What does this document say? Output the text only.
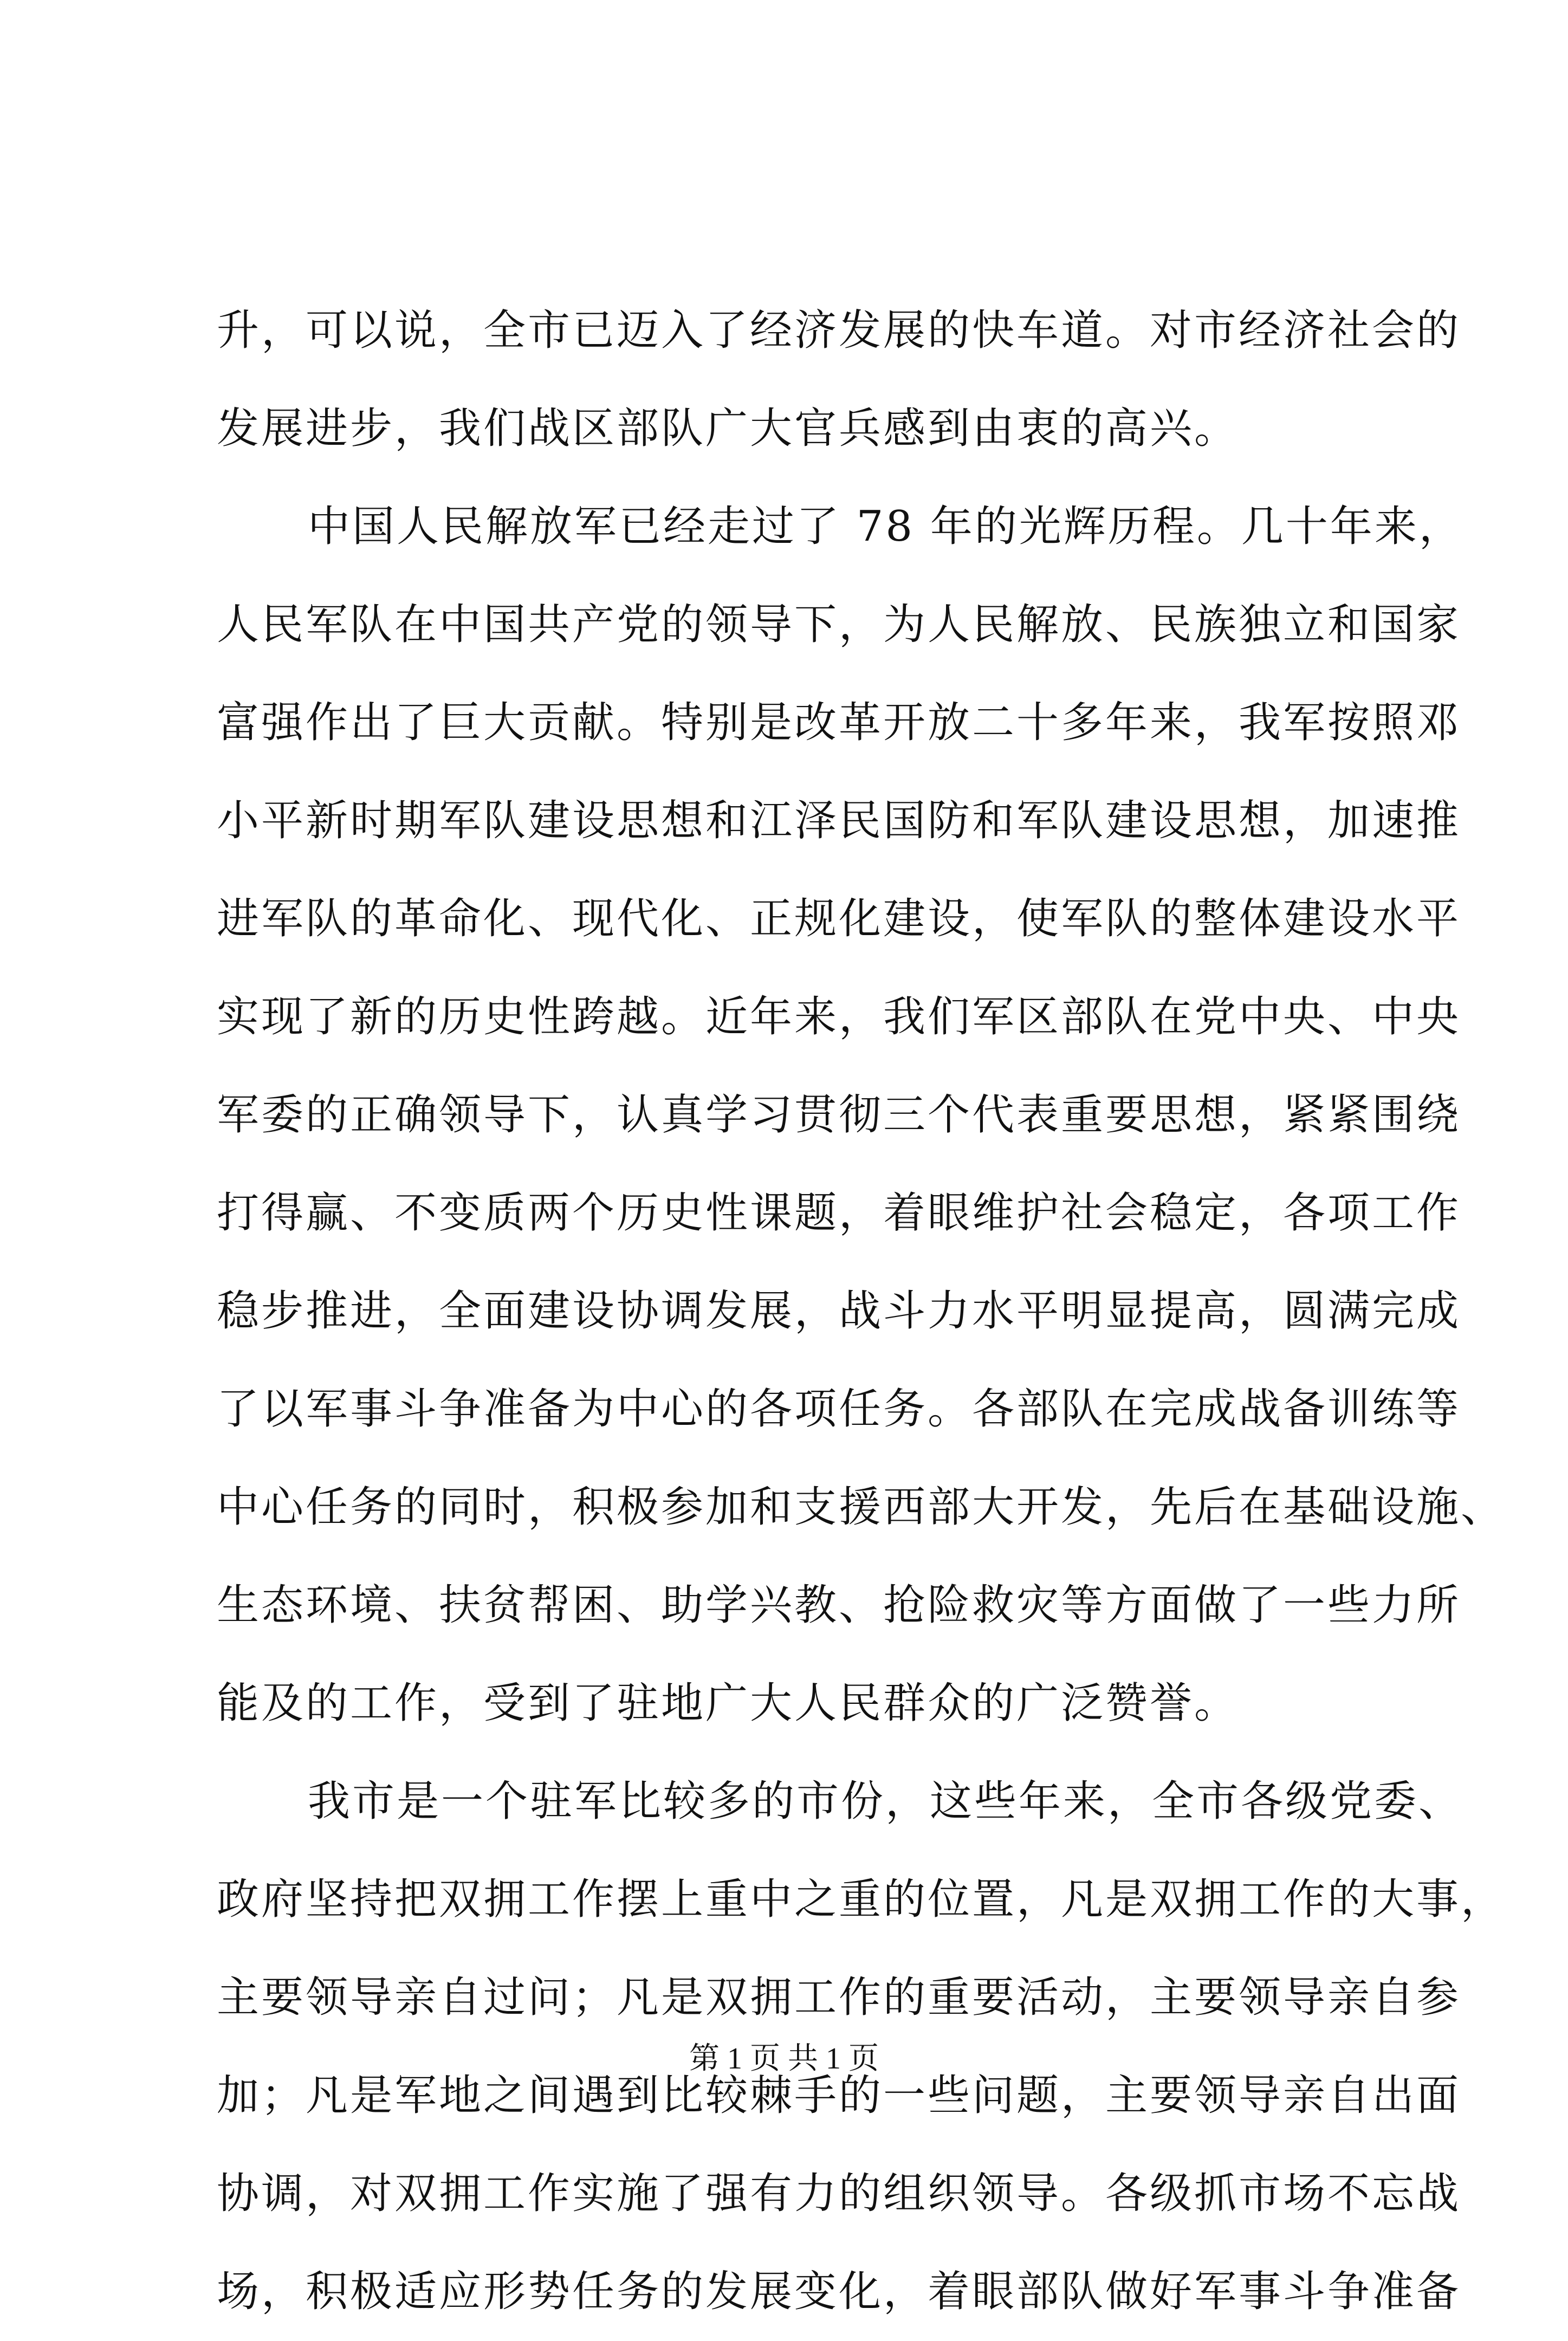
升，可以说，全市已迈入了经济发展的快车道。对市经济社会的
发展进步，我们战区部队广大官兵感到由衷的高兴。
中国人民解放军已经走过了 78 年的光辉历程。几十年来，
人民军队在中国共产党的领导下，为人民解放、民族独立和国家
富强作出了巨大贡献。特别是改革开放二十多年来，我军按照邓
小平新时期军队建设思想和江泽民国防和军队建设思想，加速推
进军队的革命化、现代化、正规化建设，使军队的整体建设水平
实现了新的历史性跨越。近年来，我们军区部队在党中央、中央
军委的正确领导下，认真学习贯彻三个代表重要思想，紧紧围绕
打得赢、不变质两个历史性课题，着眼维护社会稳定，各项工作
稳步推进，全面建设协调发展，战斗力水平明显提高，圆满完成
了以军事斗争准备为中心的各项任务。各部队在完成战备训练等
中心任务的同时，积极参加和支援西部大开发，先后在基础设施、
生态环境、扶贫帮困、助学兴教、抢险救灾等方面做了一些力所
能及的工作，受到了驻地广大人民群众的广泛赞誉。
我市是一个驻军比较多的市份，这些年来，全市各级党委、
政府坚持把双拥工作摆上重中之重的位置，凡是双拥工作的大事，
主要领导亲自过问；凡是双拥工作的重要活动，主要领导亲自参
加；凡是军地之间遇到比较棘手的一些问题，主要领导亲自出面
协调，对双拥工作实施了强有力的组织领导。各级抓市场不忘战
场，积极适应形势任务的发展变化，着眼部队做好军事斗争准备
第 1 页 共 1 页
